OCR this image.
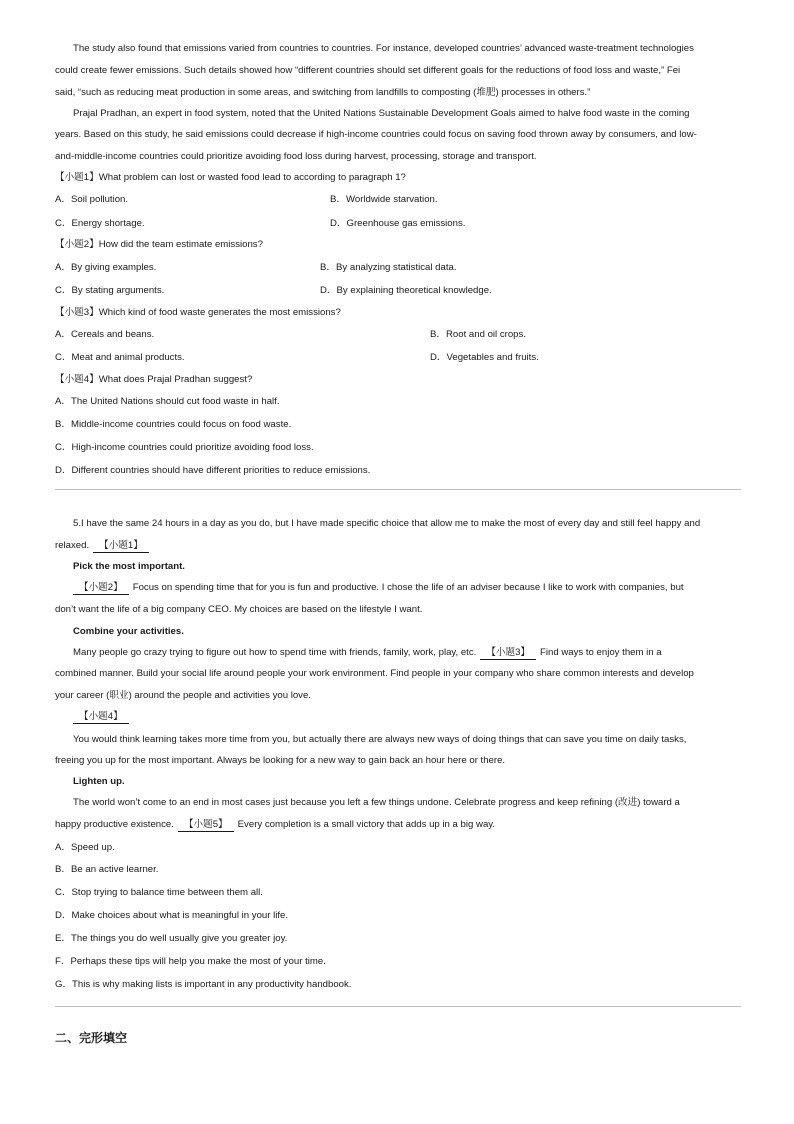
The study also found that emissions varied from countries to countries. For instance, developed countries’ advanced waste-treatment technologies
could create fewer emissions. Such details showed how “different countries should set different goals for the reductions of food loss and waste,” Fei
said, “such as reducing meat production in some areas, and switching from landfills to composting (堆肥) processes in others.”
Prajal Pradhan, an expert in food system, noted that the United Nations Sustainable Development Goals aimed to halve food waste in the coming
years. Based on this study, he said emissions could decrease if high-income countries could focus on saving food thrown away by consumers, and low-
and-middle-income countries could prioritize avoiding food loss during harvest, processing, storage and transport.
【小题1】What problem can lost or wasted food lead to according to paragraph 1?
A．Soil pollution.	B．Worldwide starvation.
C．Energy shortage.	D．Greenhouse gas emissions.
【小题2】How did the team estimate emissions?
A．By giving examples.	B．By analyzing statistical data.
C．By stating arguments.	D．By explaining theoretical knowledge.
【小题3】Which kind of food waste generates the most emissions?
A．Cereals and beans.	B．Root and oil crops.
C．Meat and animal products.	D．Vegetables and fruits.
【小题4】What does Prajal Pradhan suggest?
A．The United Nations should cut food waste in half.
B．Middle-income countries could focus on food waste.
C．High-income countries could prioritize avoiding food loss.
D．Different countries should have different priorities to reduce emissions.
5.I have the same 24 hours in a day as you do, but I have made specific choice that allow me to make the most of every day and still feel happy and
relaxed. 【小题1】
Pick the most important.
【小题2】 Focus on spending time that for you is fun and productive. I chose the life of an adviser because I like to work with companies, but
don’t want the life of a big company CEO. My choices are based on the lifestyle I want.
Combine your activities.
Many people go crazy trying to figure out how to spend time with friends, family, work, play, etc. 【小题3】 Find ways to enjoy them in a
combined manner. Build your social life around people your work environment. Find people in your company who share common interests and develop
your career (职业) around the people and activities you love.
【小题4】
You would think learning takes more time from you, but actually there are always new ways of doing things that can save you time on daily tasks,
freeing you up for the most important. Always be looking for a new way to gain back an hour here or there.
Lighten up.
The world won’t come to an end in most cases just because you left a few things undone. Celebrate progress and keep refining (改进) toward a
happy productive existence. 【小题5】 Every completion is a small victory that adds up in a big way.
A．Speed up.
B．Be an active learner.
C．Stop trying to balance time between them all.
D．Make choices about what is meaningful in your life.
E．The things you do well usually give you greater joy.
F．Perhaps these tips will help you make the most of your time.
G．This is why making lists is important in any productivity handbook.
二、完形填空
